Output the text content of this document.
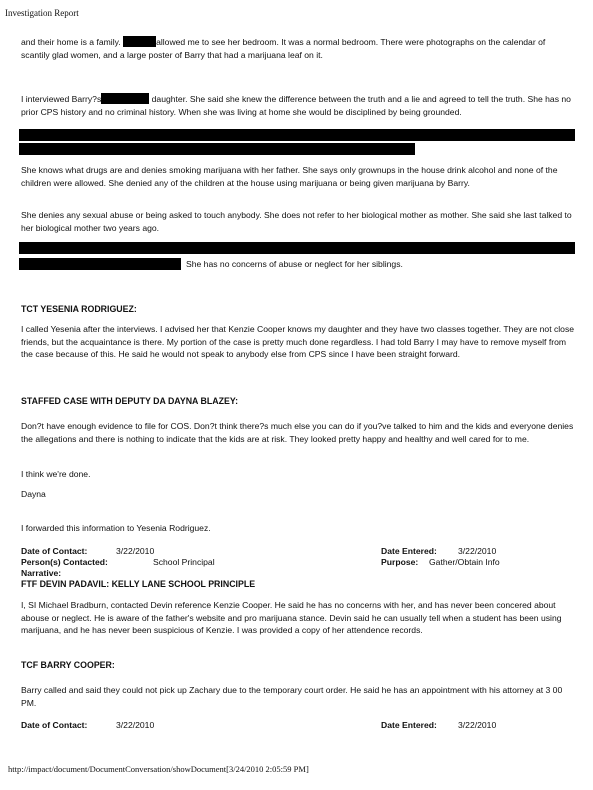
Investigation Report

and their home is a family.	allowed me to see her bedroom. It was a normal bedroom. There were photographs on the calendar of scantily glad women, and a large poster of Barry that had a marijuana leaf on it.

I interviewed Barry?s	daughter. She said she knew the difference between the truth and a lie and agreed to tell the truth. She has no prior CPS history and no criminal history. When she was living at home she would be disciplined by being grounded.

She knows what drugs are and denies smoking marijuana with her father. She says only grownups in the house drink alcohol and none of the children were allowed. She denied any of the children at the house using marijuana or being given marijuana by Barry.

She denies any sexual abuse or being asked to touch anybody. She does not refer to her biological mother as mother. She said she last talked to her biological mother two years ago.

She has no concerns of abuse or neglect for her siblings.

TCT YESENIA RODRIGUEZ:

I called Yesenia after the interviews. I advised her that Kenzie Cooper knows my daughter and they have two classes together. They are not close friends, but the acquaintance is there. My portion of the case is pretty much done regardless. I had told Barry I may have to remove myself from the case because of this. He said he would not speak to anybody else from CPS since I have been straight forward.

STAFFED CASE WITH DEPUTY DA DAYNA BLAZEY:

Don?t have enough evidence to file for COS. Don?t think there?s much else you can do if you?ve talked to him and the kids and everyone denies the allegations and there is nothing to indicate that the kids are at risk. They looked pretty happy and healthy and well cared for to me.

I think we're done.

Dayna

I forwarded this information to Yesenia Rodriguez.

Date of Contact:	3/22/2010	Date Entered: 3/22/2010
Person(s) Contacted:	School Principal	Purpose: Gather/Obtain Info
Narrative:

FTF DEVIN PADAVIL: KELLY LANE SCHOOL PRINCIPLE

I, SI Michael Bradburn, contacted Devin reference Kenzie Cooper. He said he has no concerns with her, and has never been concered about abouse or neglect. He is aware of the father's website and pro marijuana stance. Devin said he can usually tell when a student has been using marijuana, and he has never been suspicious of Kenzie. I was provided a copy of her attendence records.

TCF BARRY COOPER:

Barry called and said they could not pick up Zachary due to the temporary court order. He said he has an appointment with his attorney at 3 00 PM.

Date of Contact:	3/22/2010	Date Entered: 3/22/2010
http://impact/document/DocumentConversation/showDocument[3/24/2010 2:05:59 PM]
